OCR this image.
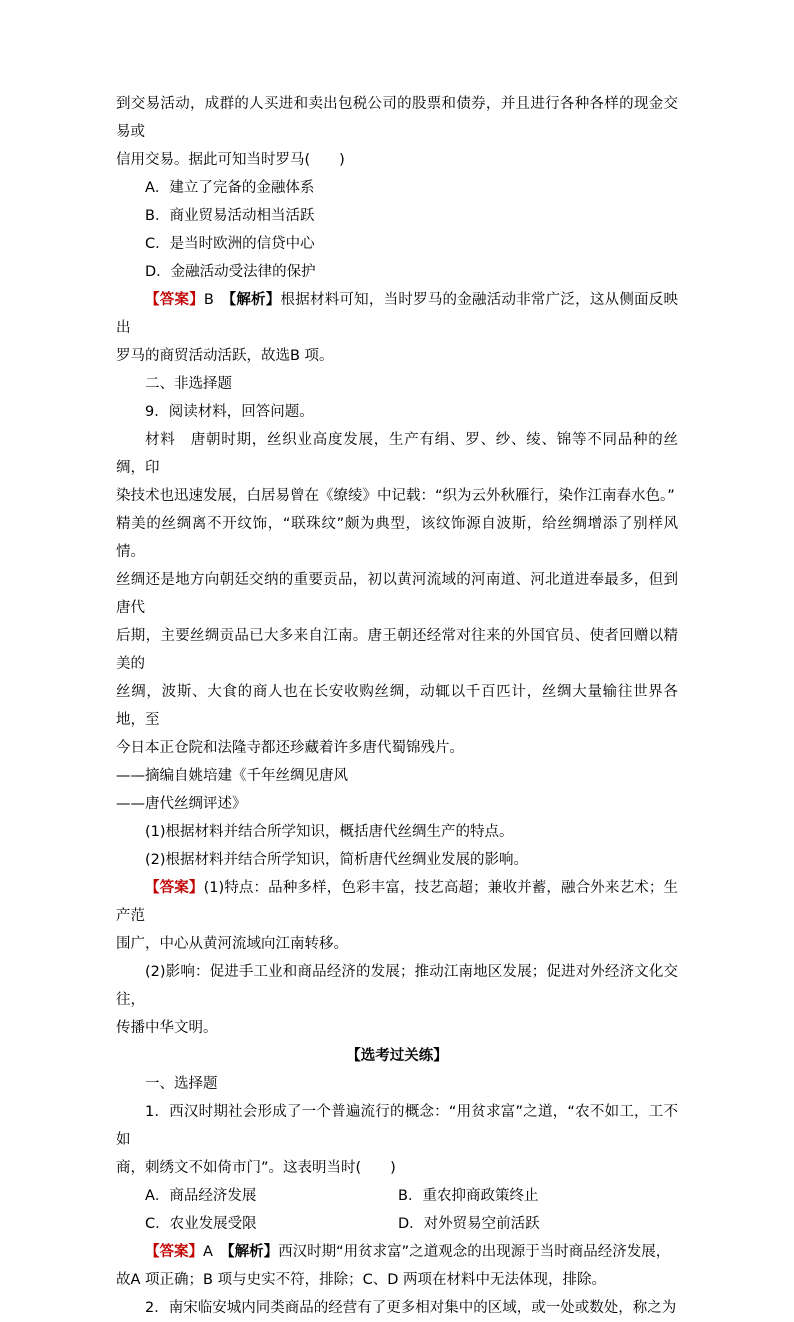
到交易活动，成群的人买进和卖出包税公司的股票和债券，并且进行各种各样的现金交易或

信用交易。据此可知当时罗马(　　)

A．建立了完备的金融体系

B．商业贸易活动相当活跃

C．是当时欧洲的信贷中心

D．金融活动受法律的保护

【答案】B　【解析】根据材料可知，当时罗马的金融活动非常广泛，这从侧面反映出

罗马的商贸活动活跃，故选B 项。

二、非选择题

9．阅读材料，回答问题。

材料　唐朝时期，丝织业高度发展，生产有绢、罗、纱、绫、锦等不同品种的丝绸，印

染技术也迅速发展，白居易曾在《缭绫》中记载：“织为云外秋雁行，染作江南春水色。”

精美的丝绸离不开纹饰，“联珠纹”颇为典型，该纹饰源自波斯，给丝绸增添了别样风情。

丝绸还是地方向朝廷交纳的重要贡品，初以黄河流域的河南道、河北道进奉最多，但到唐代

后期，主要丝绸贡品已大多来自江南。唐王朝还经常对往来的外国官员、使者回赠以精美的

丝绸，波斯、大食的商人也在长安收购丝绸，动辄以千百匹计，丝绸大量输往世界各地，至

今日本正仓院和法隆寺都还珍藏着许多唐代蜀锦残片。

——摘编自姚培建《千年丝绸见唐风

——唐代丝绸评述》

(1)根据材料并结合所学知识，概括唐代丝绸生产的特点。

(2)根据材料并结合所学知识，简析唐代丝绸业发展的影响。

【答案】(1)特点：品种多样，色彩丰富，技艺高超；兼收并蓄，融合外来艺术；生产范

围广，中心从黄河流域向江南转移。

(2)影响：促进手工业和商品经济的发展；推动江南地区发展；促进对外经济文化交往，

传播中华文明。

【选考过关练】

一、选择题

1．西汉时期社会形成了一个普遍流行的概念：“用贫求富”之道，“农不如工，工不如

商，刺绣文不如倚市门”。这表明当时(　　)

A．商品经济发展	B．重农抑商政策终止
C．农业发展受限	D．对外贸易空前活跃

【答案】A　【解析】西汉时期“用贫求富”之道观念的出现源于当时商品经济发展，

故A 项正确；B 项与史实不符，排除；C、D 两项在材料中无法体现，排除。

2．南宋临安城内同类商品的经营有了更多相对集中的区域，或一处或数处，称之为
